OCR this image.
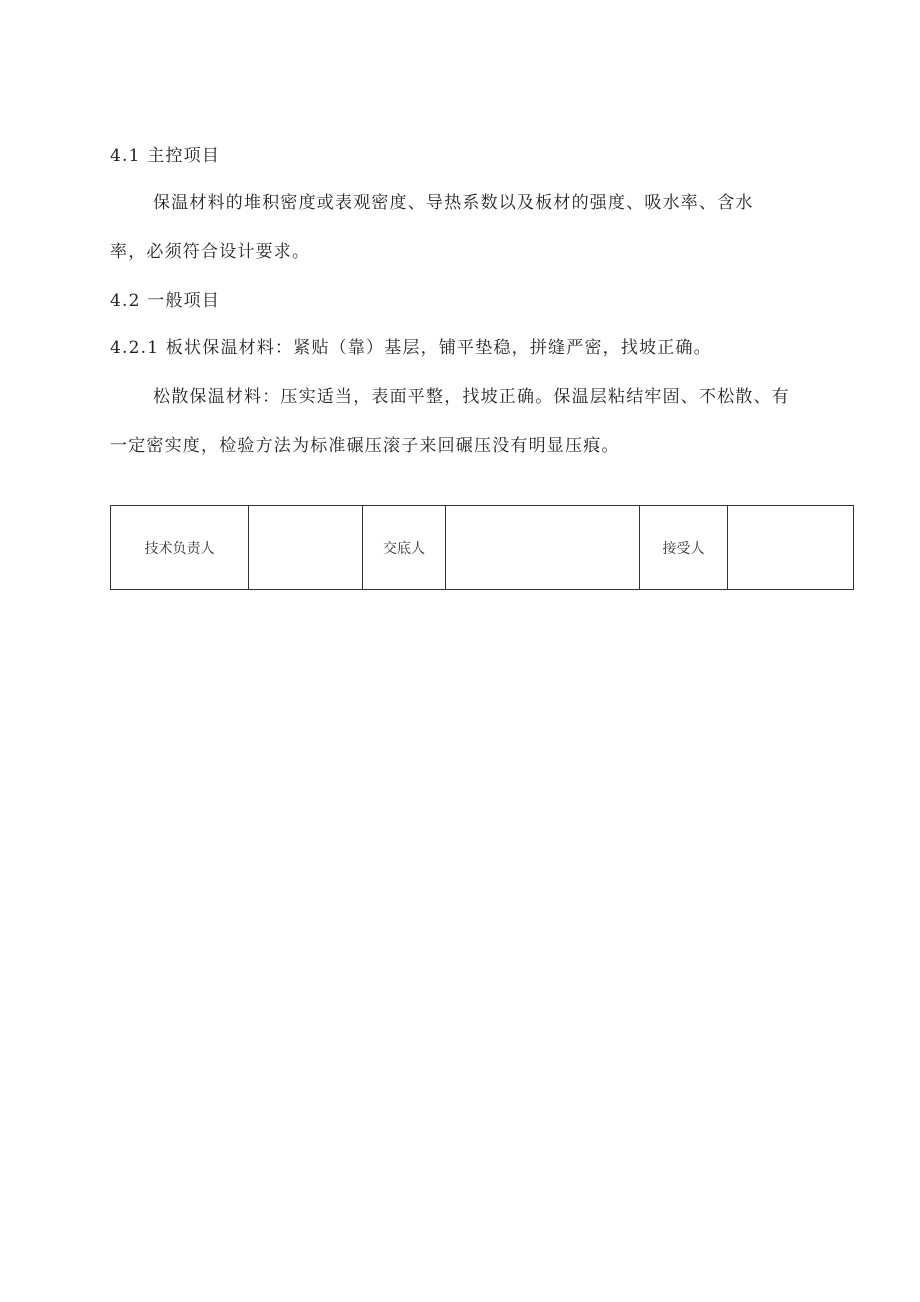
4.1 主控项目
保温材料的堆积密度或表观密度、导热系数以及板材的强度、吸水率、含水
率，必须符合设计要求。
4.2 一般项目
4.2.1 板状保温材料：紧贴（靠）基层，铺平垫稳，拼缝严密，找坡正确。
松散保温材料：压实适当，表面平整，找坡正确。保温层粘结牢固、不松散、有
一定密实度，检验方法为标准碾压滚子来回碾压没有明显压痕。
技术负责人		交底人		接受人	
